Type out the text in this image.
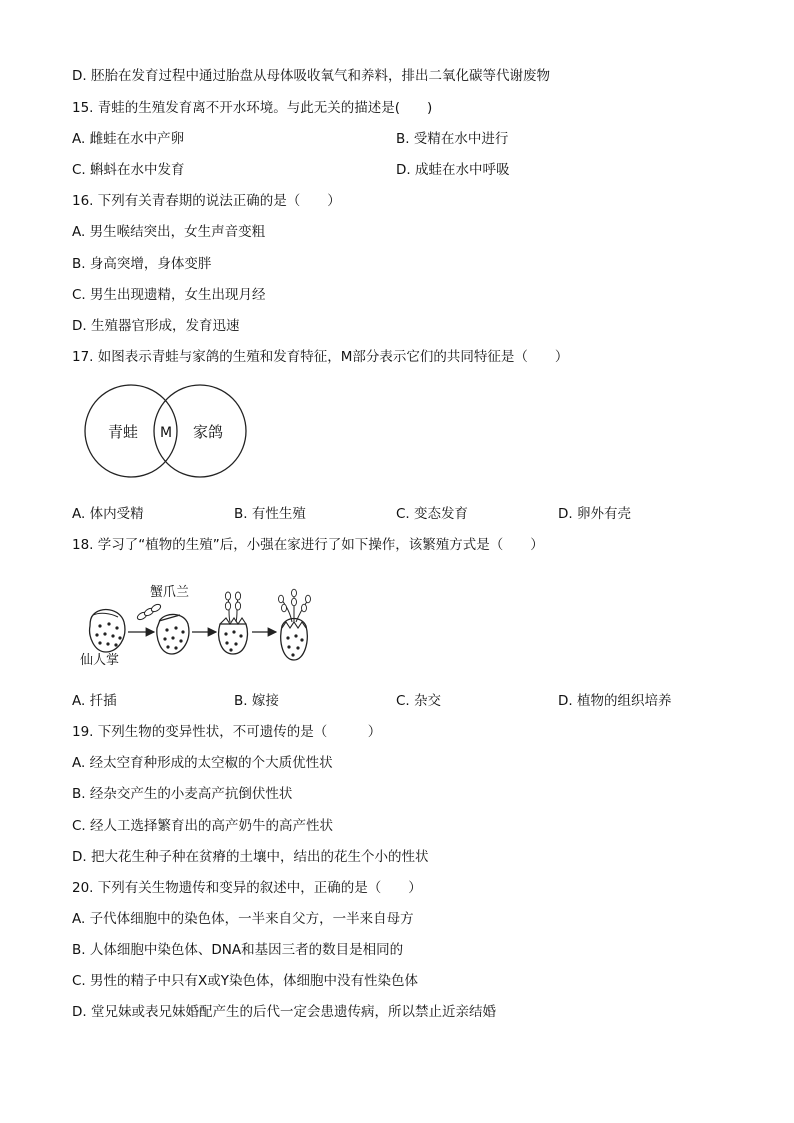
D. 胚胎在发育过程中通过胎盘从母体吸收氧气和养料，排出二氧化碳等代谢废物
15. 青蛙的生殖发育离不开水环境。与此无关的描述是(　　)
A. 雌蛙在水中产卵	B. 受精在水中进行
C. 蝌蚪在水中发育	D. 成蛙在水中呼吸
16. 下列有关青春期的说法正确的是（　　）
A. 男生喉结突出，女生声音变粗
B. 身高突增，身体变胖
C. 男生出现遗精，女生出现月经
D. 生殖器官形成，发育迅速
17. 如图表示青蛙与家鸽的生殖和发育特征，M部分表示它们的共同特征是（　　）
青蛙 M 家鸽
A. 体内受精	B. 有性生殖	C. 变态发育	D. 卵外有壳
18. 学习了“植物的生殖”后，小强在家进行了如下操作，该繁殖方式是（　　）
蟹爪兰
仙人掌
A. 扦插	B. 嫁接	C. 杂交	D. 植物的组织培养
19. 下列生物的变异性状，不可遗传的是（　　　）
A. 经太空育种形成的太空椒的个大质优性状
B. 经杂交产生的小麦高产抗倒伏性状
C. 经人工选择繁育出的高产奶牛的高产性状
D. 把大花生种子种在贫瘠的土壤中，结出的花生个小的性状
20. 下列有关生物遗传和变异的叙述中，正确的是（　　）
A. 子代体细胞中的染色体，一半来自父方，一半来自母方
B. 人体细胞中染色体、DNA和基因三者的数目是相同的
C. 男性的精子中只有X或Y染色体，体细胞中没有性染色体
D. 堂兄妹或表兄妹婚配产生的后代一定会患遗传病，所以禁止近亲结婚
